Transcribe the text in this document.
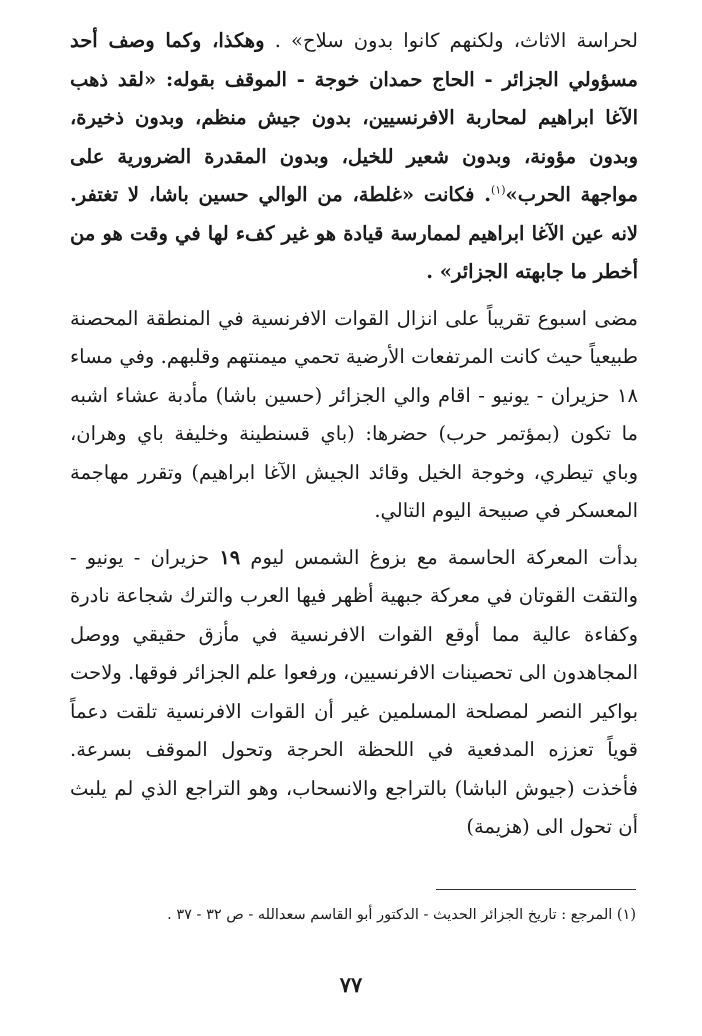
لحراسة الاثاث، ولكنهم كانوا بدون سلاح» . وهكذا، وكما وصف أحد مسؤولي الجزائر - الحاج حمدان خوجة - الموقف بقوله: «لقد ذهب الآغا ابراهيم لمحاربة الافرنسيين، بدون جيش منظم، وبدون ذخيرة، وبدون مؤونة، وبدون شعير للخيل، وبدون المقدرة الضرورية على مواجهة الحرب»$^{(١)}$. فكانت «غلطة، من الوالي حسين باشا، لا تغتفر. لانه عين الآغا ابراهيم لممارسة قيادة هو غير كفء لها في وقت هو من أخطر ما جابهته الجزائر» .

مضى اسبوع تقريباً على انزال القوات الافرنسية في المنطقة المحصنة طبيعياً حيث كانت المرتفعات الأرضية تحمي ميمنتهم وقلبهم. وفي مساء ١٨ حزيران - يونيو - اقام والي الجزائر (حسين باشا) مأدبة عشاء اشبه ما تكون (بمؤتمر حرب) حضرها: (باي قسنطينة وخليفة باي وهران، وباي تيطري، وخوجة الخيل وقائد الجيش الآغا ابراهيم) وتقرر مهاجمة المعسكر في صبيحة اليوم التالي.

بدأت المعركة الحاسمة مع بزوغ الشمس ليوم ١٩ حزيران - يونيو - والتقت القوتان في معركة جبهية أظهر فيها العرب والترك شجاعة نادرة وكفاءة عالية مما أوقع القوات الافرنسية في مأزق حقيقي ووصل المجاهدون الى تحصينات الافرنسيين، ورفعوا علم الجزائر فوقها. ولاحت بواكير النصر لمصلحة المسلمين غير أن القوات الافرنسية تلقت دعماً قوياً تعززه المدفعية في اللحظة الحرجة وتحول الموقف بسرعة. فأخذت (جيوش الباشا) بالتراجع والانسحاب، وهو التراجع الذي لم يلبث أن تحول الى (هزيمة)

(١) المرجع : تاريخ الجزائر الحديث - الدكتور أبو القاسم سعدالله - ص ٣٢ - ٣٧ .
٧٧
